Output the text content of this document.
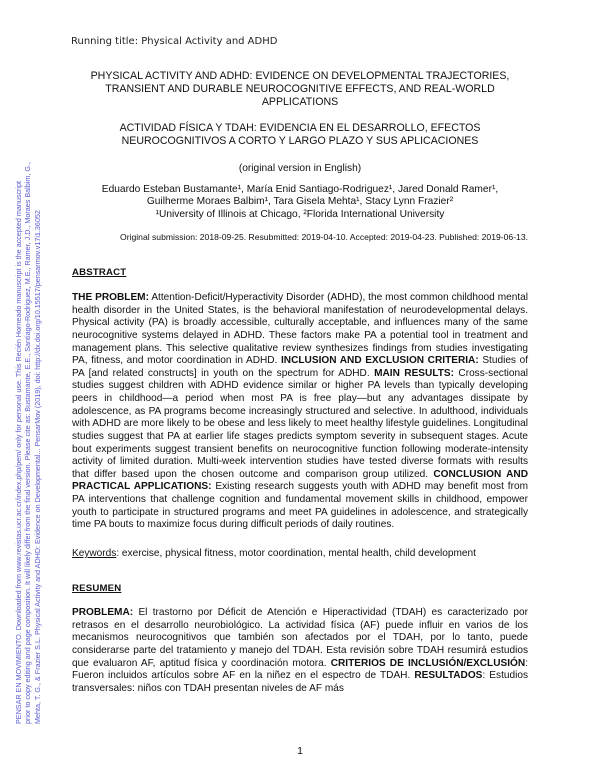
Running title: Physical Activity and ADHD
PENSAR EN MOVIMIENTO. Downloaded from www.revistas.ucr.ac.cr/index.php/pem/ only for personal use. This Recién Horneado manuscript is the accepted manuscript prior to copy editing and page composition. It will likely differ from the final version. Please cite as: Bustamante, E.E., Santiago-Rodriguez, M.E., Ramer, J.D., Moraes Balbim, G., Mehta, T. G., & Frazier S.L. Physical Activity and ADHD: Evidence on Developmental... PensarMov (2019), doi: http://dx.doi.org/10.15517/pensarmov.v17i1.36052
PHYSICAL ACTIVITY AND ADHD: EVIDENCE ON DEVELOPMENTAL TRAJECTORIES,
TRANSIENT AND DURABLE NEUROCOGNITIVE EFFECTS, AND REAL-WORLD
APPLICATIONS
ACTIVIDAD FÍSICA Y TDAH: EVIDENCIA EN EL DESARROLLO, EFECTOS
NEUROCOGNITIVOS A CORTO Y LARGO PLAZO Y SUS APLICACIONES
(original version in English)
Eduardo Esteban Bustamante¹, María Enid Santiago-Rodriguez¹, Jared Donald Ramer¹,
Guilherme Moraes Balbim¹, Tara Gisela Mehta¹, Stacy Lynn Frazier²
¹University of Illinois at Chicago, ²Florida International University
Original submission: 2018-09-25. Resubmitted: 2019-04-10. Accepted: 2019-04-23. Published: 2019-06-13.
ABSTRACT
THE PROBLEM: Attention-Deficit/Hyperactivity Disorder (ADHD), the most common childhood mental health disorder in the United States, is the behavioral manifestation of neurodevelopmental delays. Physical activity (PA) is broadly accessible, culturally acceptable, and influences many of the same neurocognitive systems delayed in ADHD. These factors make PA a potential tool in treatment and management plans. This selective qualitative review synthesizes findings from studies investigating PA, fitness, and motor coordination in ADHD. INCLUSION AND EXCLUSION CRITERIA: Studies of PA [and related constructs] in youth on the spectrum for ADHD. MAIN RESULTS: Cross-sectional studies suggest children with ADHD evidence similar or higher PA levels than typically developing peers in childhood—a period when most PA is free play—but any advantages dissipate by adolescence, as PA programs become increasingly structured and selective. In adulthood, individuals with ADHD are more likely to be obese and less likely to meet healthy lifestyle guidelines. Longitudinal studies suggest that PA at earlier life stages predicts symptom severity in subsequent stages. Acute bout experiments suggest transient benefits on neurocognitive function following moderate-intensity activity of limited duration. Multi-week intervention studies have tested diverse formats with results that differ based upon the chosen outcome and comparison group utilized. CONCLUSION AND PRACTICAL APPLICATIONS: Existing research suggests youth with ADHD may benefit most from PA interventions that challenge cognition and fundamental movement skills in childhood, empower youth to participate in structured programs and meet PA guidelines in adolescence, and strategically time PA bouts to maximize focus during difficult periods of daily routines.
Keywords: exercise, physical fitness, motor coordination, mental health, child development
RESUMEN
PROBLEMA: El trastorno por Déficit de Atención e Hiperactividad (TDAH) es caracterizado por retrasos en el desarrollo neurobiológico. La actividad física (AF) puede influir en varios de los mecanismos neurocognitivos que también son afectados por el TDAH, por lo tanto, puede considerarse parte del tratamiento y manejo del TDAH. Esta revisión sobre TDAH resumirá estudios que evaluaron AF, aptitud física y coordinación motora. CRITERIOS DE INCLUSIÓN/EXCLUSIÓN: Fueron incluidos artículos sobre AF en la niñez en el espectro de TDAH. RESULTADOS: Estudios transversales: niños con TDAH presentan niveles de AF más
1
